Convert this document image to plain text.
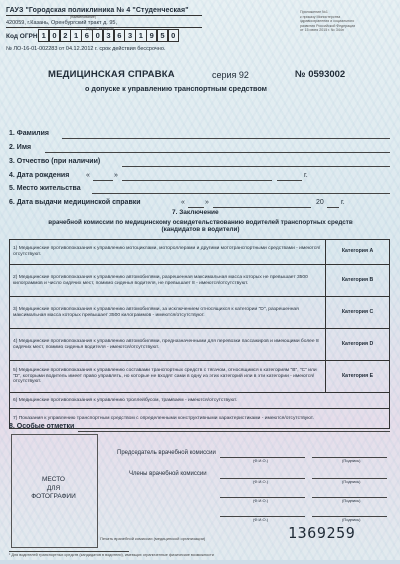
ГАУЗ "Городская поликлиника № 4 "Студенческая"
(наименование)
420059, г.Казань, Оренбургский тракт д. 95,
(адрес, телефон)
Код ОГРН 1 0 2 1 6 0 3 6 3 1 9 5 0
№ ЛО-16-01-002283 от 04.12.2012 г. срок действия бессрочно.
Приложение №1
к приказу Министерства
здравоохранения и социального
развития Российской Федерации
от 15 июня 2015 г. № 344н
МЕДИЦИНСКАЯ СПРАВКА	серия 92	№ 0593002
о допуске к управлению транспортным средством
1. Фамилия
2. Имя
3. Отчество (при наличии)
4. Дата рождения «	»	г.
5. Место жительства
6. Дата выдачи медицинской справки	«	»	20 г.
7. Заключение
врачебной комиссии по медицинскому освидетельствованию водителей транспортных средств (кандидатов в водители)
1) Медицинские противопоказания к управлению мотоциклами, мотороллерами и другими мототранспортными средствами - имеются/отсутствуют.	Категория А
2) Медицинские противопоказания к управлению автомобилями, разрешенная максимальная масса которых не превышает 3500 килограммов и число сидячих мест, помимо сиденья водителя, не превышает 8 - имеются/отсутствуют.	Категория В
3) Медицинские противопоказания к управлению автомобилями, за исключением относящихся к категории "D", разрешенная максимальная масса которых превышает 3500 килограммов - имеются/отсутствуют.	Категория С
4) Медицинские противопоказания к управлению автомобилями, предназначенными для перевозки пассажиров и имеющими более 8 сидячих мест, помимо сиденья водителя - имеются/отсутствуют.	Категория D
5) Медицинские противопоказания к управлению составами транспортных средств с тягачом, относящимся к категориям "B", "C" или "D", которыми водитель имеет право управлять, но которые не входят сами в одну из этих категорий или в эти категории - имеются/отсутствуют.	Категория Е
6) Медицинские противопоказания к управлению троллейбусом, трамваем - имеются/отсутствуют.	
7) Показания к управлению транспортным средством с определенными конструктивными характеристиками - имеются/отсутствуют.	
8. Особые отметки
МЕСТО
ДЛЯ
ФОТОГРАФИИ
Председатель врачебной комиссии
(Ф.И.О.)	(Подпись)
Члены врачебной комиссии
(Ф.И.О.)	(Подпись)
(Ф.И.О.)	(Подпись)
(Ф.И.О.)	(Подпись)
Печать врачебной комиссии (медицинской организации)	1369259
¹ Для водителей транспортных средств (кандидатов в водители), имеющих ограниченные физические возможности
